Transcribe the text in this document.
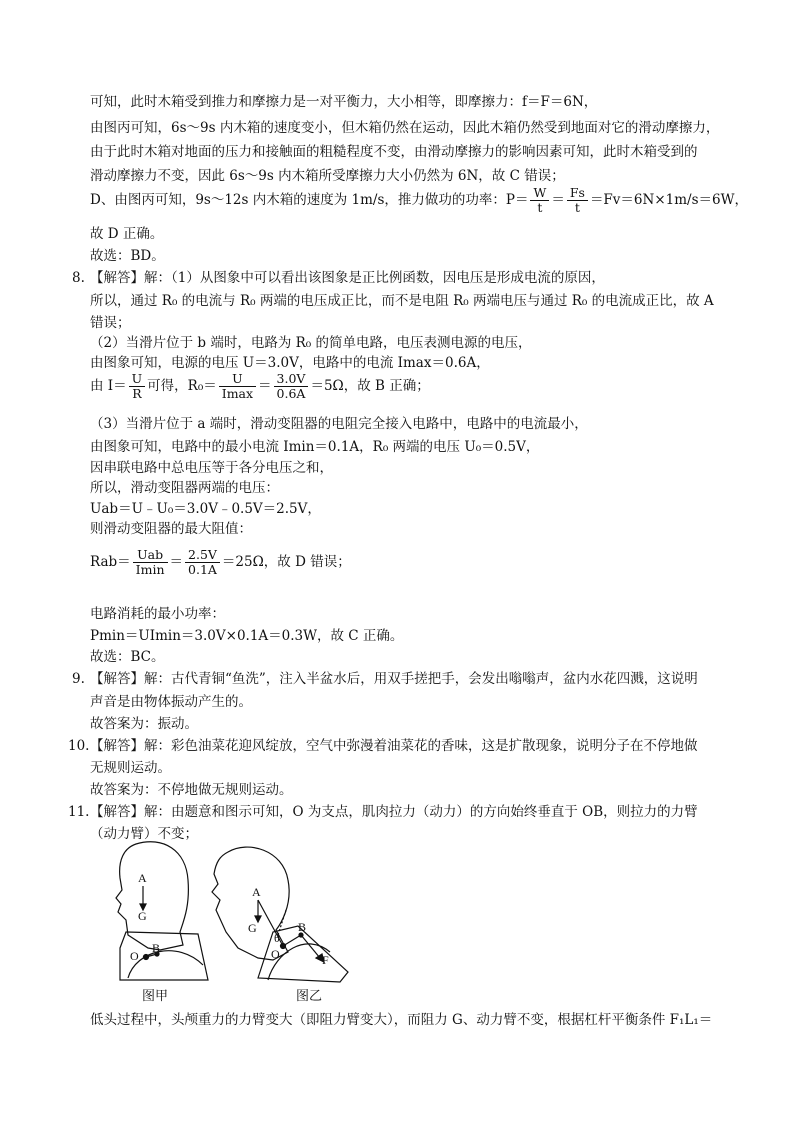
可知，此时木箱受到推力和摩擦力是一对平衡力，大小相等，即摩擦力：f＝F＝6N，
由图丙可知，6s～9s 内木箱的速度变小，但木箱仍然在运动，因此木箱仍然受到地面对它的滑动摩擦力，
由于此时木箱对地面的压力和接触面的粗糙程度不变，由滑动摩擦力的影响因素可知，此时木箱受到的
滑动摩擦力不变，因此 6s～9s 内木箱所受摩擦力大小仍然为 6N，故 C 错误；
D、由图丙可知，9s～12s 内木箱的速度为 1m/s，推力做功的功率：$P= \frac{W}{t} = \frac{Fs}{t} =Fv=6N\times 1m/s=6W$，
故 D 正确。
故选：BD。
8. 【解答】解：（1）从图象中可以看出该图象是正比例函数，因电压是形成电流的原因，
所以，通过 R₀ 的电流与 R₀ 两端的电压成正比，而不是电阻 R₀ 两端电压与通过 R₀ 的电流成正比，故 A
错误；
（2）当滑片位于 b 端时，电路为 R₀ 的简单电路，电压表测电源的电压，
由图象可知，电源的电压 U＝3.0V，电路中的电流 Imax＝0.6A，
由 $I= \frac{U}{R}$ 可得，$R_0= \frac{U}{Imax} = \frac{3.0V}{0.6A} =5\Omega$，故 B 正确；
（3）当滑片位于 a 端时，滑动变阻器的电阻完全接入电路中，电路中的电流最小，
由图象可知，电路中的最小电流 Imin＝0.1A，R₀ 两端的电压 U₀＝0.5V，
因串联电路中总电压等于各分电压之和，
所以，滑动变阻器两端的电压：
Uab＝U﹣U₀＝3.0V﹣0.5V＝2.5V，
则滑动变阻器的最大阻值：
$Rab= \frac{\text{Uab}}{Imin} = \frac{2.5V}{0.1A} =25\Omega$，故 D 错误；
电路消耗的最小功率：
Pmin＝UImin＝3.0V×0.1A＝0.3W，故 C 正确。
故选：BC。
9. 【解答】解：古代青铜“鱼洗”，注入半盆水后，用双手搓把手，会发出嗡嗡声，盆内水花四溅，这说明
声音是由物体振动产生的。
故答案为：振动。
10. 【解答】解：彩色油菜花迎风绽放，空气中弥漫着油菜花的香味，这是扩散现象，说明分子在不停地做
无规则运动。
故答案为：不停地做无规则运动。
11. 【解答】解：由题意和图示可知，O 为支点，肌肉拉力（动力）的方向始终垂直于 OB，则拉力的力臂
（动力臂）不变；
A
G
O
B
A
G
θ
O
B
F
图甲	图乙
低头过程中，头颅重力的力臂变大（即阻力臂变大），而阻力 G、动力臂不变，根据杠杆平衡条件 F₁L₁＝
